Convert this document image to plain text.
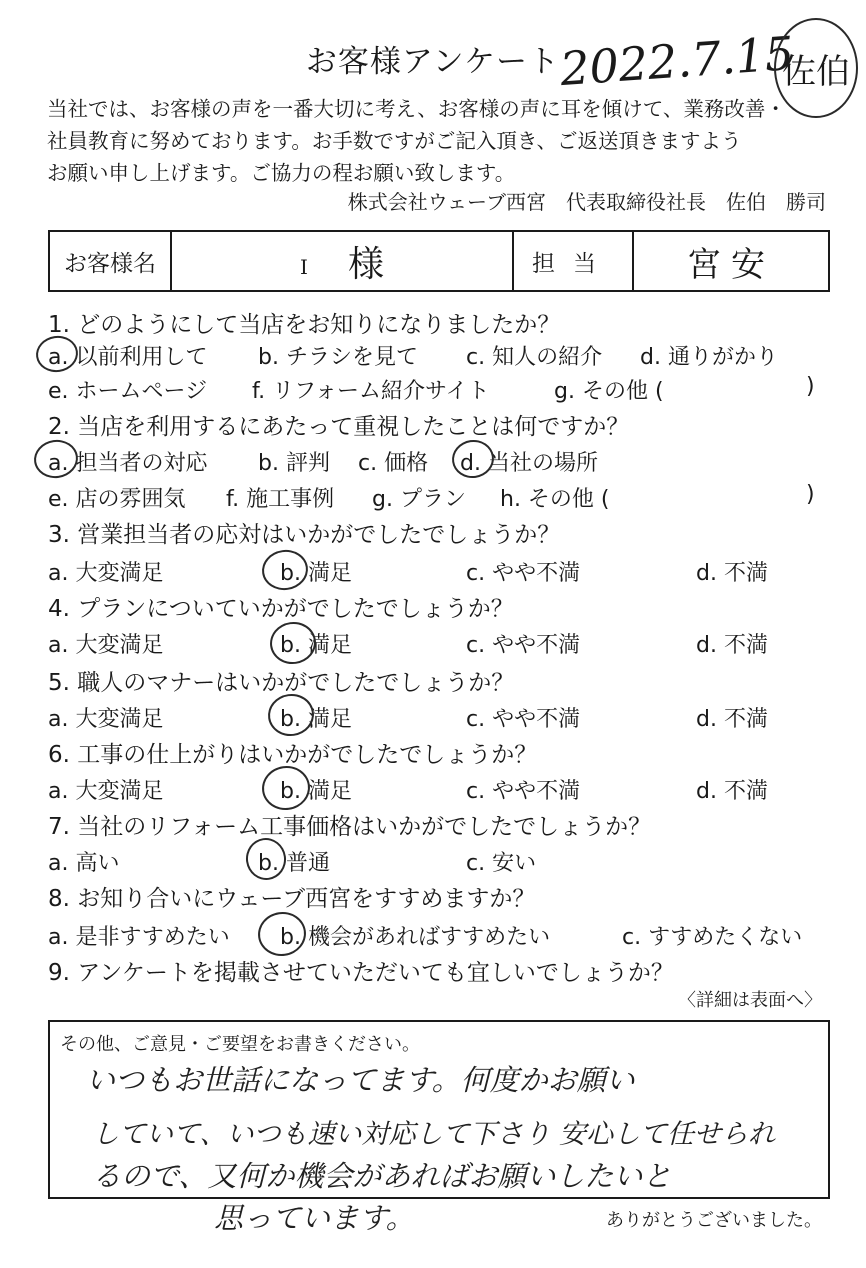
お客様アンケート
2022.7.15
佐伯
当社では、お客様の声を一番大切に考え、お客様の声に耳を傾けて、業務改善・
社員教育に努めております。お手数ですがご記入頂き、ご返送頂きますよう
お願い申し上げます。ご協力の程お願い致します。
株式会社ウェーブ西宮　代表取締役社長　佐伯　勝司
お客様名	I 様	担当	宮安
1. どのようにして当店をお知りになりましたか？
a. 以前利用して b. チラシを見て c. 知人の紹介 d. 通りがかり
e. ホームページ f. リフォーム紹介サイト	g. その他 (	)
2. 当店を利用するにあたって重視したことは何ですか？
a. 担当者の対応 b. 評判 c. 価格 d. 当社の場所
e. 店の雰囲気 f. 施工事例 g. プラン h. その他 (	)
3. 営業担当者の応対はいかがでしたでしょうか？
a. 大変満足	b. 満足	c. やや不満	d. 不満
4. プランについていかがでしたでしょうか？
a. 大変満足	b. 満足	c. やや不満	d. 不満
5. 職人のマナーはいかがでしたでしょうか？
a. 大変満足	b. 満足	c. やや不満	d. 不満
6. 工事の仕上がりはいかがでしたでしょうか？
a. 大変満足	b. 満足	c. やや不満	d. 不満
7. 当社のリフォーム工事価格はいかがでしたでしょうか？
a. 高い	b. 普通	c. 安い
8. お知り合いにウェーブ西宮をすすめますか？
a. 是非すすめたい b. 機会があればすすめたい	c. すすめたくない
9. アンケートを掲載させていただいても宜しいでしょうか？
〈詳細は表面へ〉
その他、ご意見・ご要望をお書きください。
いつもお世話になってます。何度かお願い
していて、いつも速い対応して下さり 安心して任せられ
るので、又何か機会があればお願いしたいと
思っています。	ありがとうございました。
